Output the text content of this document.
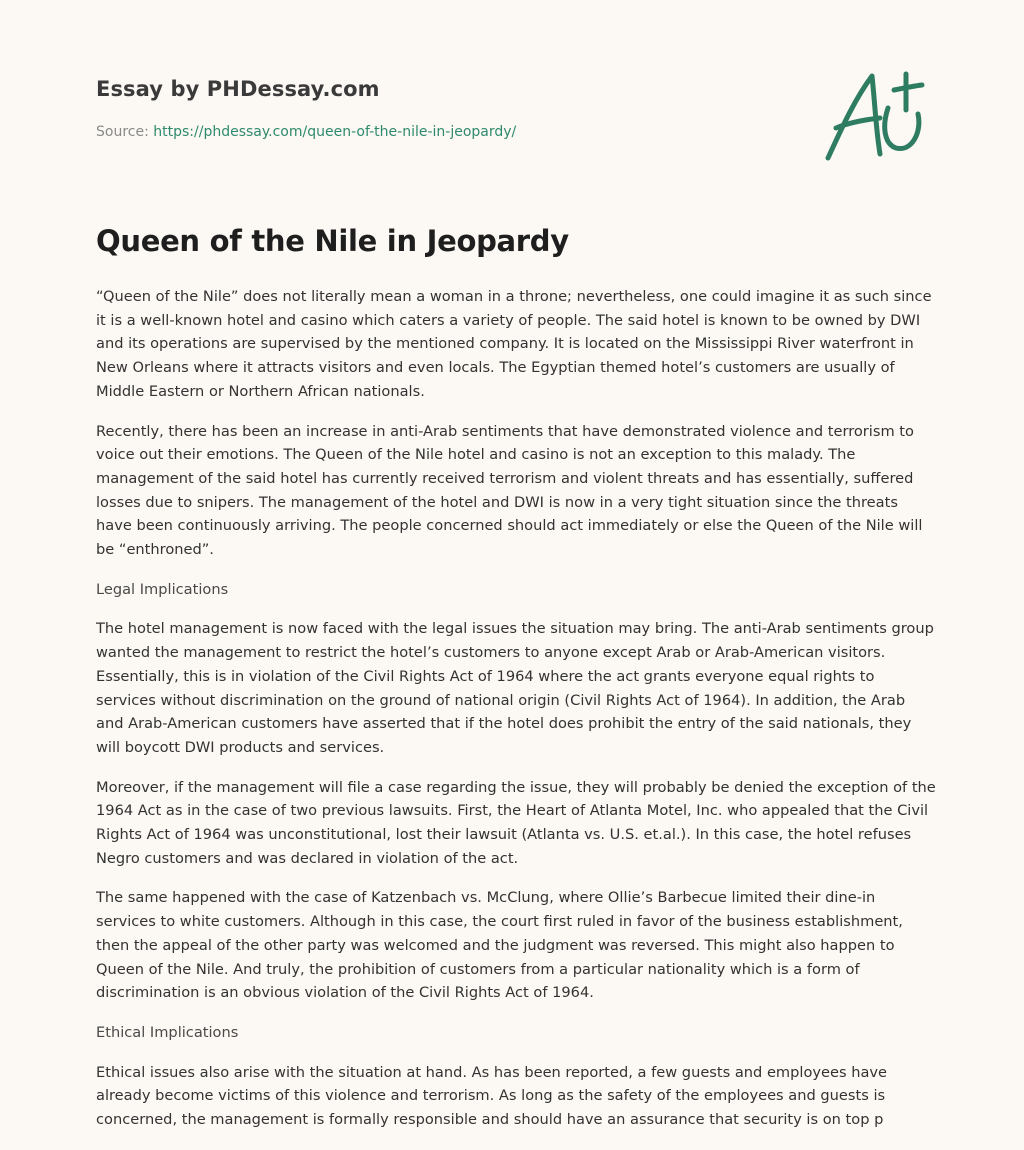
Essay by PHDessay.com
Source: https://phdessay.com/queen-of-the-nile-in-jeopardy/
Queen of the Nile in Jeopardy

“Queen of the Nile” does not literally mean a woman in a throne; nevertheless, one could imagine it as such since it is a well-known hotel and casino which caters a variety of people. The said hotel is known to be owned by DWI and its operations are supervised by the mentioned company. It is located on the Mississippi River waterfront in New Orleans where it attracts visitors and even locals. The Egyptian themed hotel’s customers are usually of Middle Eastern or Northern African nationals.

Recently, there has been an increase in anti-Arab sentiments that have demonstrated violence and terrorism to voice out their emotions. The Queen of the Nile hotel and casino is not an exception to this malady. The management of the said hotel has currently received terrorism and violent threats and has essentially, suffered losses due to snipers. The management of the hotel and DWI is now in a very tight situation since the threats have been continuously arriving. The people concerned should act immediately or else the Queen of the Nile will be “enthroned”.

Legal Implications

The hotel management is now faced with the legal issues the situation may bring. The anti-Arab sentiments group wanted the management to restrict the hotel’s customers to anyone except Arab or Arab-American visitors. Essentially, this is in violation of the Civil Rights Act of 1964 where the act grants everyone equal rights to services without discrimination on the ground of national origin (Civil Rights Act of 1964). In addition, the Arab and Arab-American customers have asserted that if the hotel does prohibit the entry of the said nationals, they will boycott DWI products and services.

Moreover, if the management will file a case regarding the issue, they will probably be denied the exception of the 1964 Act as in the case of two previous lawsuits. First, the Heart of Atlanta Motel, Inc. who appealed that the Civil Rights Act of 1964 was unconstitutional, lost their lawsuit (Atlanta vs. U.S. et.al.). In this case, the hotel refuses Negro customers and was declared in violation of the act.

The same happened with the case of Katzenbach vs. McClung, where Ollie’s Barbecue limited their dine-in services to white customers. Although in this case, the court first ruled in favor of the business establishment, then the appeal of the other party was welcomed and the judgment was reversed. This might also happen to Queen of the Nile. And truly, the prohibition of customers from a particular nationality which is a form of discrimination is an obvious violation of the Civil Rights Act of 1964.

Ethical Implications

Ethical issues also arise with the situation at hand. As has been reported, a few guests and employees have already become victims of this violence and terrorism. As long as the safety of the employees and guests is concerned, the management is formally responsible and should have an assurance that security is on top p
